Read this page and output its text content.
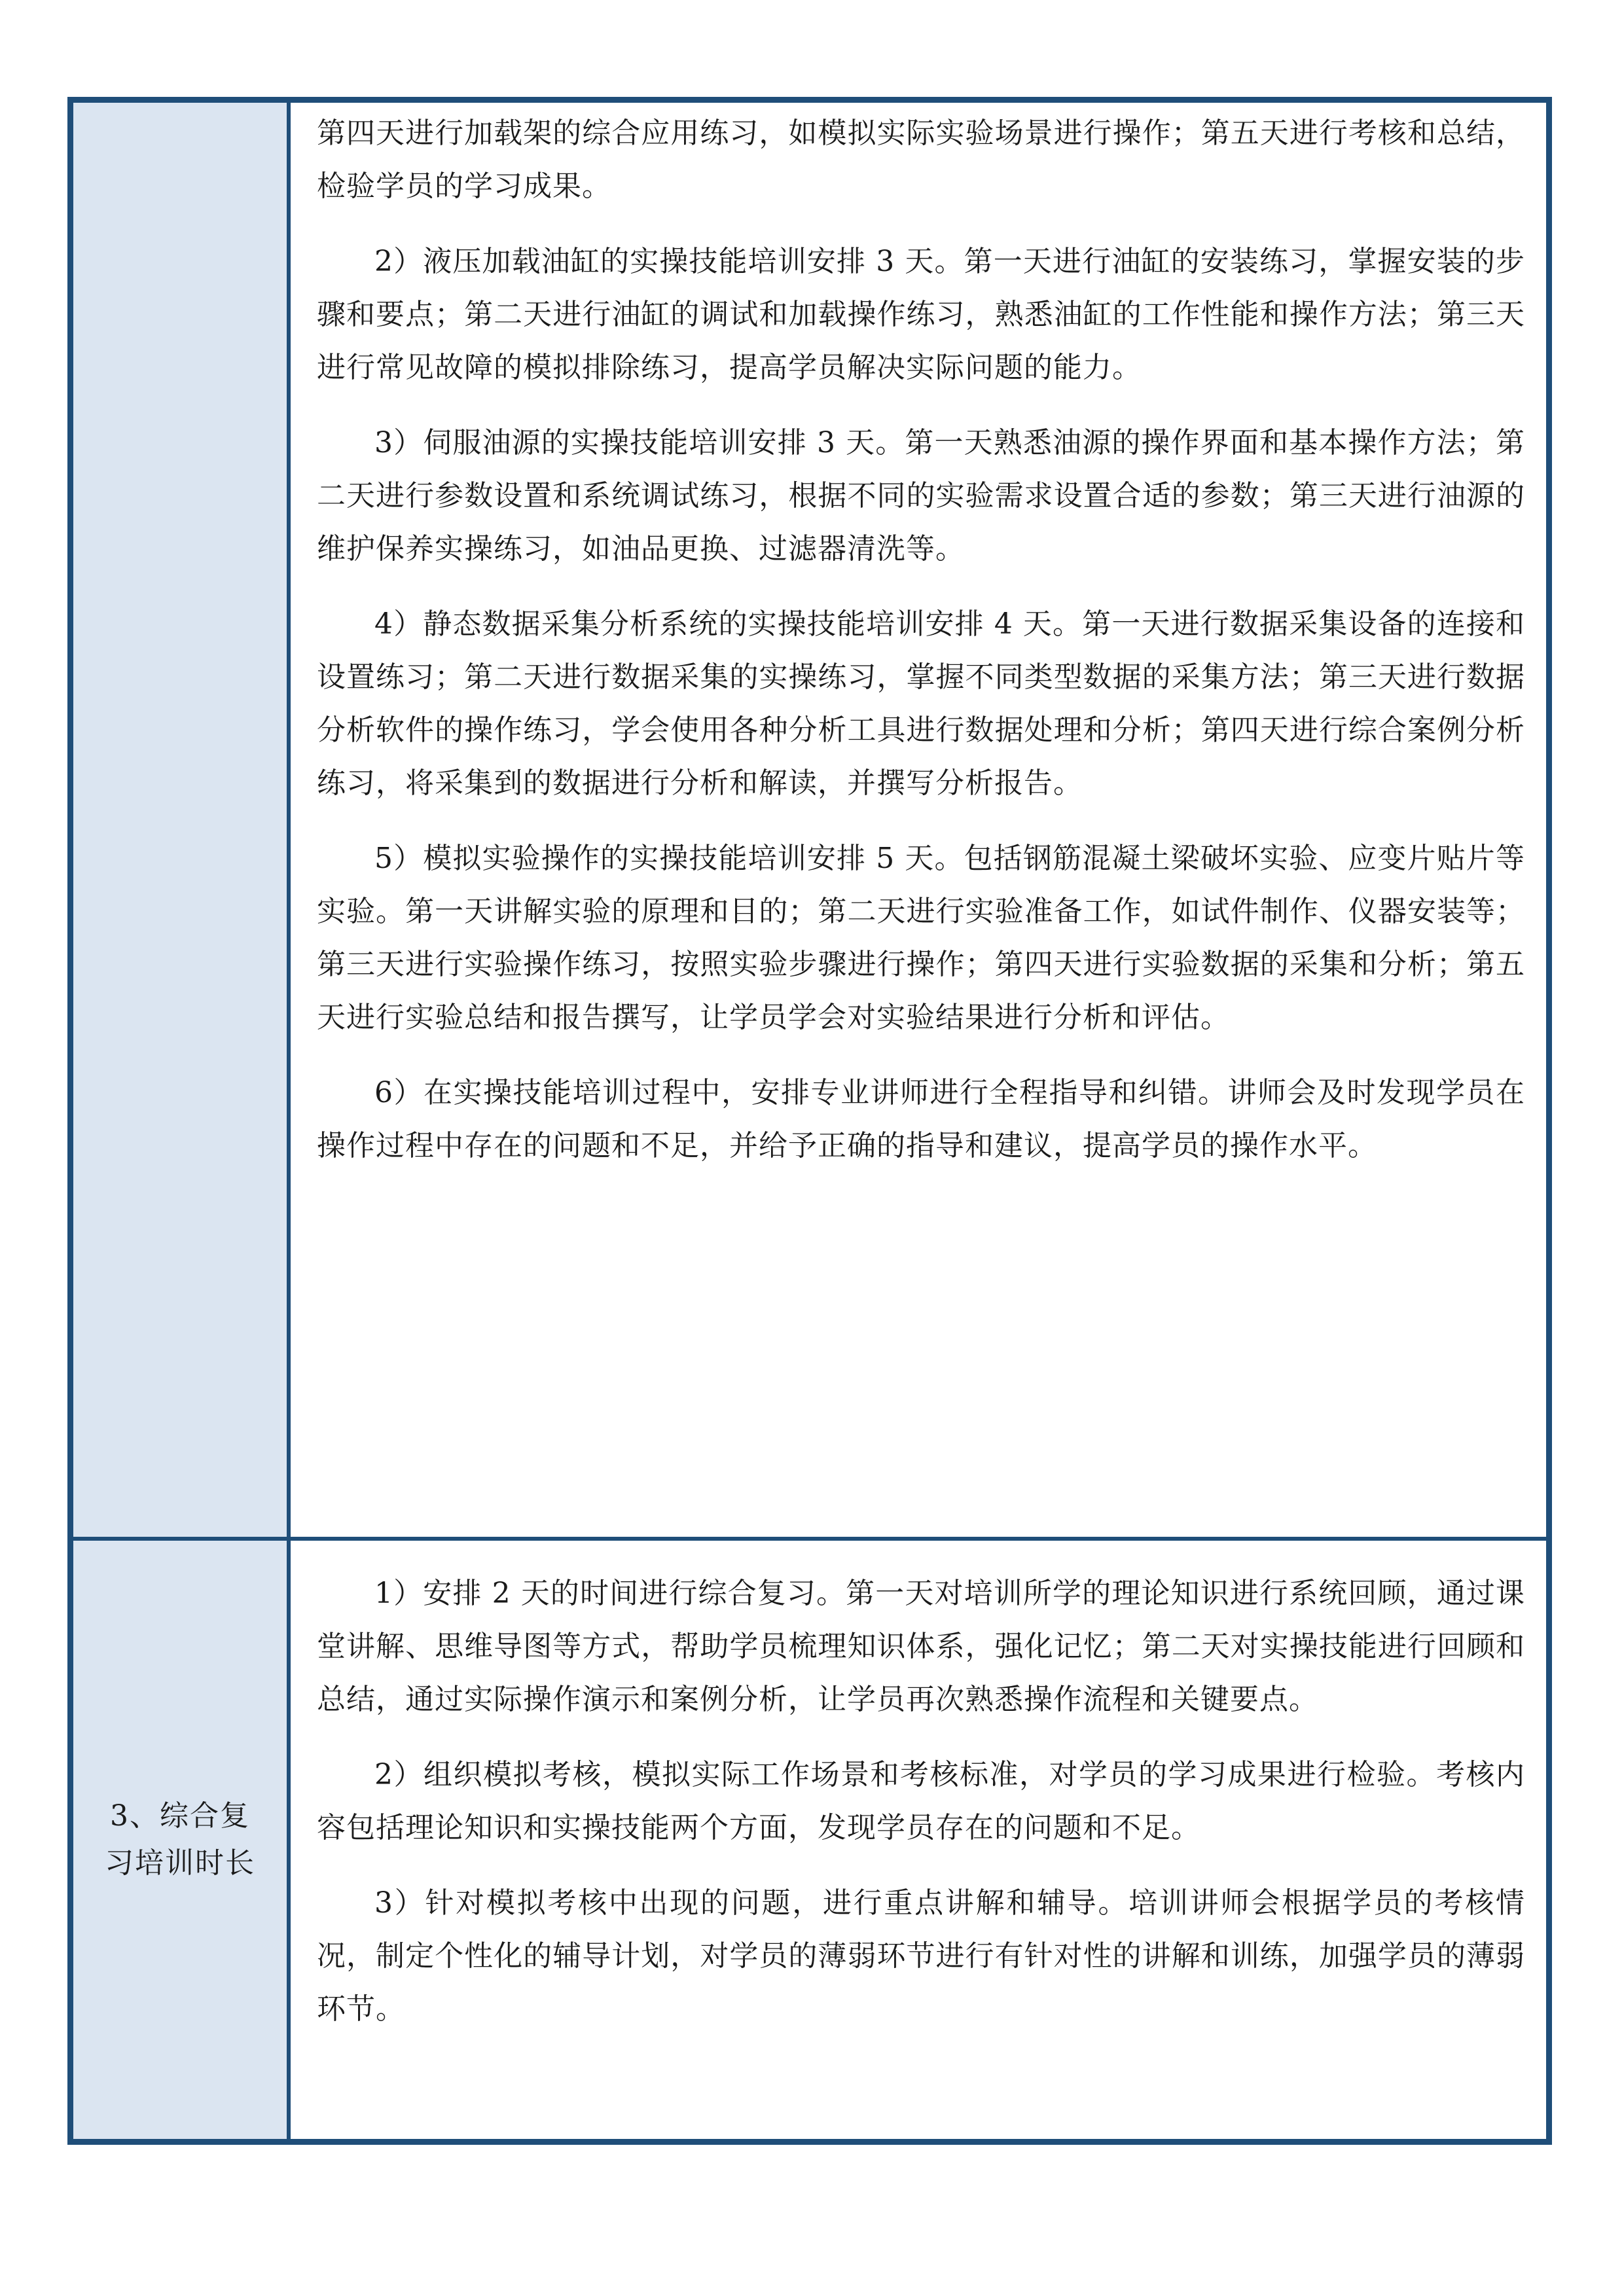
第四天进行加载架的综合应用练习，如模拟实际实验场景进行操作；第五天进行考核和总结，检验学员的学习成果。

2）液压加载油缸的实操技能培训安排 3 天。第一天进行油缸的安装练习，掌握安装的步骤和要点；第二天进行油缸的调试和加载操作练习，熟悉油缸的工作性能和操作方法；第三天进行常见故障的模拟排除练习，提高学员解决实际问题的能力。

3）伺服油源的实操技能培训安排 3 天。第一天熟悉油源的操作界面和基本操作方法；第二天进行参数设置和系统调试练习，根据不同的实验需求设置合适的参数；第三天进行油源的维护保养实操练习，如油品更换、过滤器清洗等。

4）静态数据采集分析系统的实操技能培训安排 4 天。第一天进行数据采集设备的连接和设置练习；第二天进行数据采集的实操练习，掌握不同类型数据的采集方法；第三天进行数据分析软件的操作练习，学会使用各种分析工具进行数据处理和分析；第四天进行综合案例分析练习，将采集到的数据进行分析和解读，并撰写分析报告。

5）模拟实验操作的实操技能培训安排 5 天。包括钢筋混凝土梁破坏实验、应变片贴片等实验。第一天讲解实验的原理和目的；第二天进行实验准备工作，如试件制作、仪器安装等；第三天进行实验操作练习，按照实验步骤进行操作；第四天进行实验数据的采集和分析；第五天进行实验总结和报告撰写，让学员学会对实验结果进行分析和评估。

6）在实操技能培训过程中，安排专业讲师进行全程指导和纠错。讲师会及时发现学员在操作过程中存在的问题和不足，并给予正确的指导和建议，提高学员的操作水平。

3、综合复习培训时长

1）安排 2 天的时间进行综合复习。第一天对培训所学的理论知识进行系统回顾，通过课堂讲解、思维导图等方式，帮助学员梳理知识体系，强化记忆；第二天对实操技能进行回顾和总结，通过实际操作演示和案例分析，让学员再次熟悉操作流程和关键要点。

2）组织模拟考核，模拟实际工作场景和考核标准，对学员的学习成果进行检验。考核内容包括理论知识和实操技能两个方面，发现学员存在的问题和不足。

3）针对模拟考核中出现的问题，进行重点讲解和辅导。培训讲师会根据学员的考核情况，制定个性化的辅导计划，对学员的薄弱环节进行有针对性的讲解和训练，加强学员的薄弱环节。
